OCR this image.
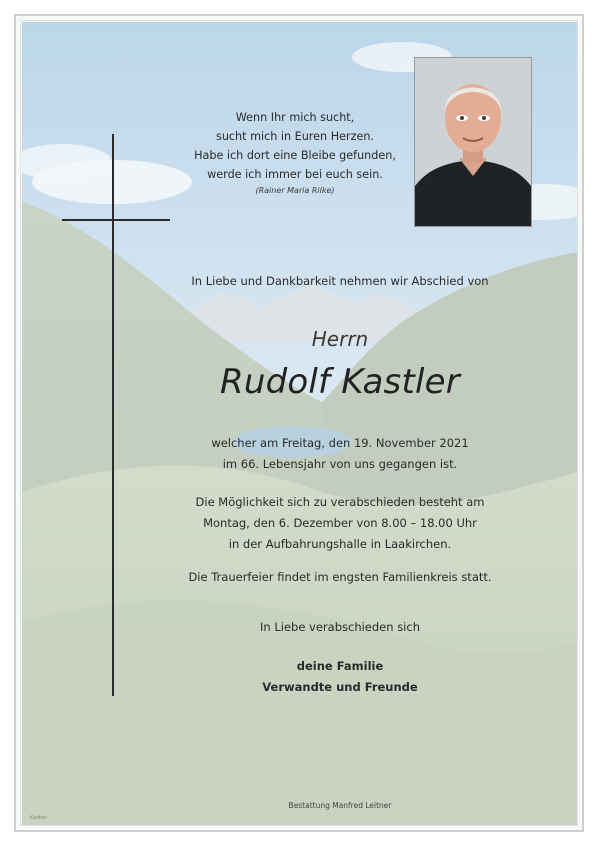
Wenn Ihr mich sucht,
sucht mich in Euren Herzen.
Habe ich dort eine Bleibe gefunden,
werde ich immer bei euch sein.
(Rainer Maria Rilke)
In Liebe und Dankbarkeit nehmen wir Abschied von
Herrn
Rudolf Kastler
welcher am Freitag, den 19. November 2021
im 66. Lebensjahr von uns gegangen ist.
Die Möglichkeit sich zu verabschieden besteht am
Montag, den 6. Dezember von 8.00 – 18.00 Uhr
in der Aufbahrungshalle in Laakirchen.
Die Trauerfeier findet im engsten Familienkreis statt.
In Liebe verabschieden sich
deine Familie
Verwandte und Freunde
Bestattung Manfred Leitner
Kastler
